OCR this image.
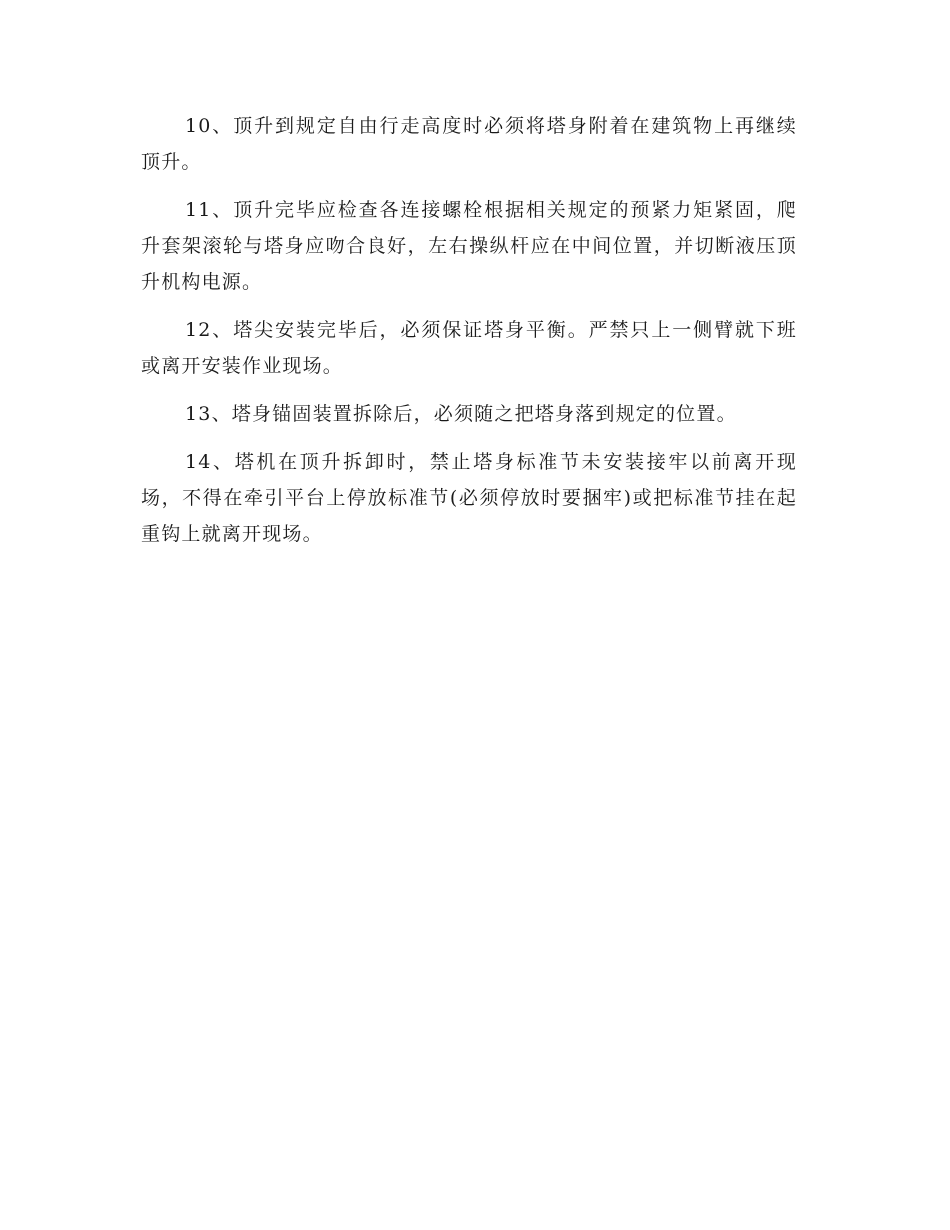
10、顶升到规定自由行走高度时必须将塔身附着在建筑物上再继续顶升。

11、顶升完毕应检查各连接螺栓根据相关规定的预紧力矩紧固，爬升套架滚轮与塔身应吻合良好，左右操纵杆应在中间位置，并切断液压顶升机构电源。

12、塔尖安装完毕后，必须保证塔身平衡。严禁只上一侧臂就下班或离开安装作业现场。

13、塔身锚固装置拆除后，必须随之把塔身落到规定的位置。

14、塔机在顶升拆卸时，禁止塔身标准节未安装接牢以前离开现场，不得在牵引平台上停放标准节(必须停放时要捆牢)或把标准节挂在起重钩上就离开现场。
